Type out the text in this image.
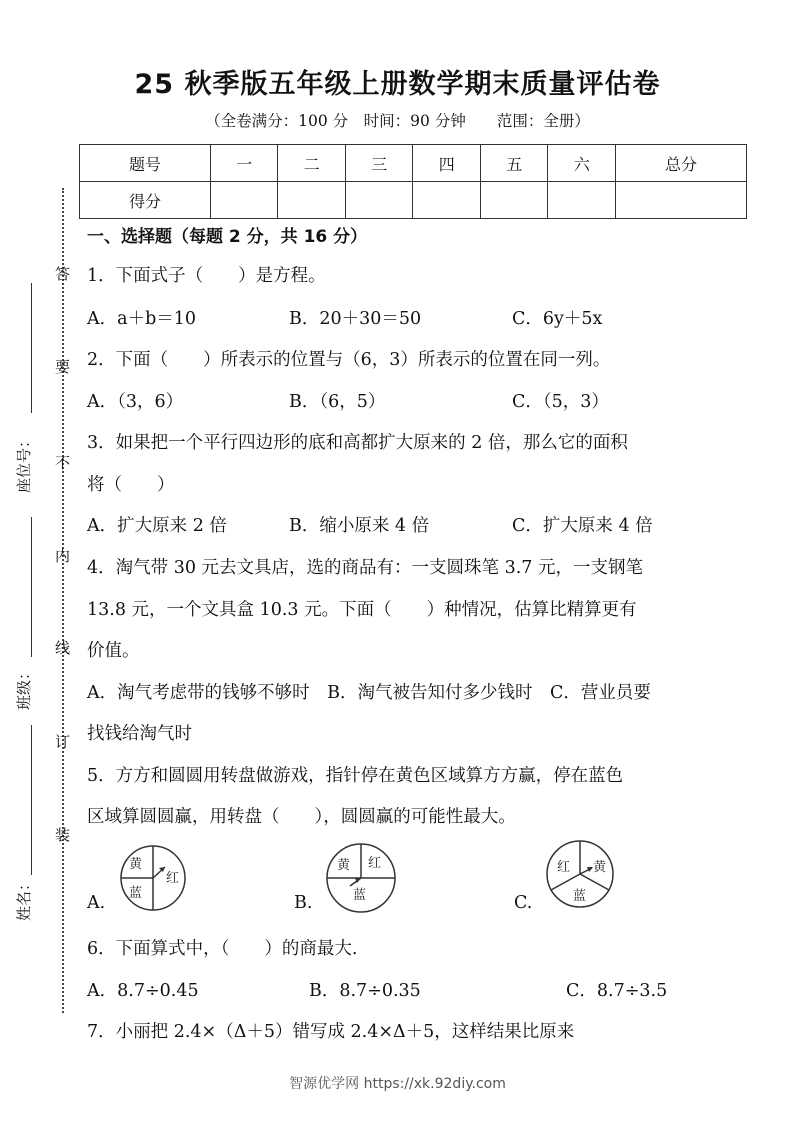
25 秋季版五年级上册数学期末质量评估卷
（全卷满分：100 分　时间：90 分钟　　范围：全册）
题号	一	二	三	四	五	六	总分
得分							
答
要
不
内
线
订
装
座位号：
班级：
姓名：
一、选择题（每题 2 分，共 16 分）
1．下面式子（　　）是方程。
A．a＋b＝10	B．20＋30＝50	C．6y＋5x
2．下面（　　）所表示的位置与（6，3）所表示的位置在同一列。
A．（3，6）	B．（6，5）	C．（5，3）
3．如果把一个平行四边形的底和高都扩大原来的 2 倍，那么它的面积
将（　　）
A．扩大原来 2 倍	B．缩小原来 4 倍	C．扩大原来 4 倍
4．淘气带 30 元去文具店，选的商品有：一支圆珠笔 3.7 元，一支钢笔
13.8 元，一个文具盒 10.3 元。下面（　　）种情况，估算比精算更有
价值。
A．淘气考虑带的钱够不够时　B．淘气被告知付多少钱时　C．营业员要
找钱给淘气时
5．方方和圆圆用转盘做游戏，指针停在黄色区域算方方赢，停在蓝色
区域算圆圆赢，用转盘（　　），圆圆赢的可能性最大。
A.
黄
红
蓝	B.
黄 红
蓝	C.
红 黄
蓝
6．下面算式中，（　　）的商最大.
A．8.7÷0.45	B．8.7÷0.35	C．8.7÷3.5
7．小丽把 2.4×（Δ＋5）错写成 2.4×Δ＋5，这样结果比原来
智源优学网 https://xk.92diy.com
